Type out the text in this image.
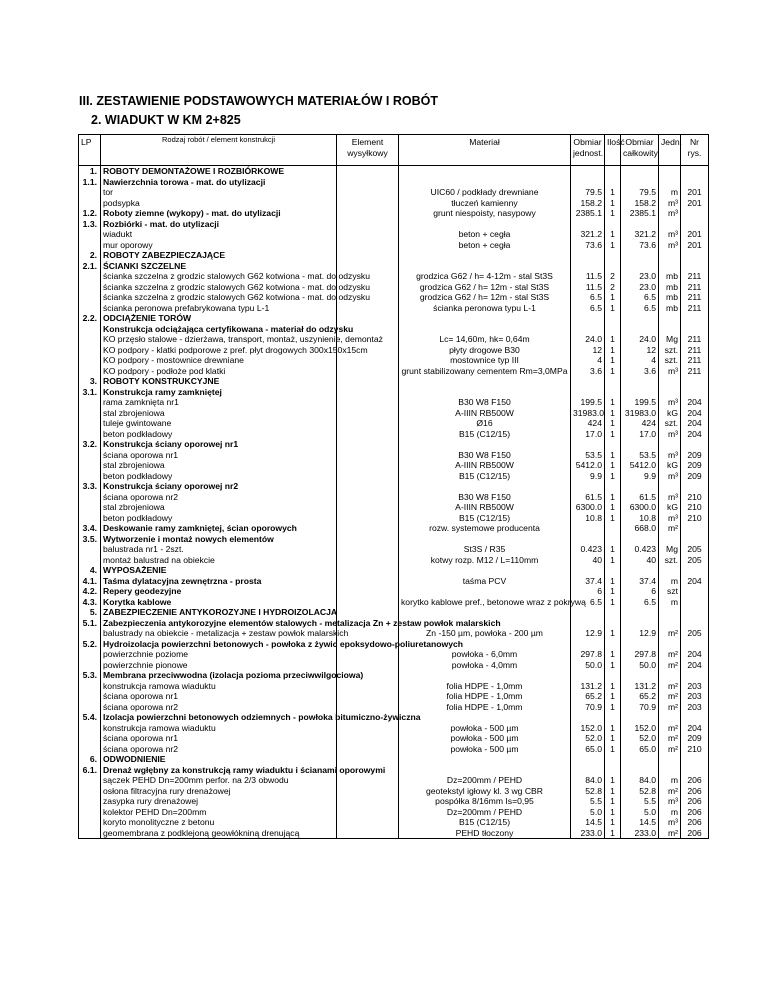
III. ZESTAWIENIE PODSTAWOWYCH MATERIAŁÓW I ROBÓT
2. WIADUKT W KM 2+825
LP	Rodzaj robót / element konstrukcji	Element wysyłkowy	Materiał	Obmiar jednost.	Ilość	Obmiar całkowity	Jedn.	Nr rys.
1.	ROBOTY DEMONTAŻOWE I ROZBIÓRKOWE							
1.1.	Nawierzchnia torowa - mat. do utylizacji							
	tor		UIC60 / podkłady drewniane	79.5	1	79.5	m	201
	podsypka		tłuczeń kamienny	158.2	1	158.2	m³	201
1.2.	Roboty ziemne (wykopy) - mat. do utylizacji		grunt niespoisty, nasypowy	2385.1	1	2385.1	m³	
1.3.	Rozbiórki - mat. do utylizacji							
	wiadukt		beton + cegła	321.2	1	321.2	m³	201
	mur oporowy		beton + cegła	73.6	1	73.6	m³	201
2.	ROBOTY ZABEZPIECZAJĄCE							
2.1.	ŚCIANKI SZCZELNE							
	ścianka szczelna z grodzic stalowych G62 kotwiona - mat. do odzysku		grodzica G62 / h= 4-12m - stal St3S	11.5	2	23.0	mb	211
	ścianka szczelna z grodzic stalowych G62 kotwiona - mat. do odzysku		grodzica G62 / h= 12m - stal St3S	11.5	2	23.0	mb	211
	ścianka szczelna z grodzic stalowych G62 kotwiona - mat. do odzysku		grodzica G62 / h= 12m - stal St3S	6.5	1	6.5	mb	211
	ścianka peronowa prefabrykowana typu L-1		ścianka peronowa typu L-1	6.5	1	6.5	mb	211
2.2.	ODCIĄŻENIE TORÓW							
	Konstrukcja odciążająca certyfikowana - materiał do odzysku							
	KO przęsło stalowe - dzierżawa, transport, montaż, uszynienie, demontaż		Lc= 14,60m, hk= 0,64m	24.0	1	24.0	Mg	211
	KO podpory - klatki podporowe z pref. płyt drogowych 300x150x15cm		płyty drogowe B30	12	1	12	szt.	211
	KO podpory - mostownice drewniane		mostownice typ III	4	1	4	szt.	211
	KO podpory - podłoże pod klatki		grunt stabilizowany cementem Rm=3,0MPa	3.6	1	3.6	m³	211
3.	ROBOTY KONSTRUKCYJNE							
3.1.	Konstrukcja ramy zamkniętej							
	rama zamknięta nr1		B30 W8 F150	199.5	1	199.5	m³	204
	stal zbrojeniowa		A-IIIN RB500W	31983.0	1	31983.0	kG	204
	tuleje gwintowane		Ø16	424	1	424	szt.	204
	beton podkładowy		B15 (C12/15)	17.0	1	17.0	m³	204
3.2.	Konstrukcja ściany oporowej nr1							
	ściana oporowa nr1		B30 W8 F150	53.5	1	53.5	m³	209
	stal zbrojeniowa		A-IIIN RB500W	5412.0	1	5412.0	kG	209
	beton podkładowy		B15 (C12/15)	9.9	1	9.9	m³	209
3.3.	Konstrukcja ściany oporowej nr2							
	ściana oporowa nr2		B30 W8 F150	61.5	1	61.5	m³	210
	stal zbrojeniowa		A-IIIN RB500W	6300.0	1	6300.0	kG	210
	beton podkładowy		B15 (C12/15)	10.8	1	10.8	m³	210
3.4.	Deskowanie ramy zamkniętej, ścian oporowych		rozw. systemowe producenta			668.0	m²	
3.5.	Wytworzenie i montaż nowych elementów							
	balustrada nr1 - 2szt.		St3S / R35	0.423	1	0.423	Mg	205
	montaż balustrad na obiekcie		kotwy rozp. M12 / L=110mm	40	1	40	szt.	205
4.	WYPOSAŻENIE							
4.1.	Taśma dylatacyjna zewnętrzna - prosta		taśma PCV	37.4	1	37.4	m	204
4.2.	Repery geodezyjne			6	1	6	szt	
4.3.	Korytka kablowe		korytko kablowe pref., betonowe wraz z pokrywą	6.5	1	6.5	m	
5.	ZABEZPIECZENIE ANTYKOROZYJNE I HYDROIZOLACJA							
5.1.	Zabezpieczenia antykorozyjne elementów stalowych - metalizacja Zn + zestaw powłok malarskich							
	balustrady na obiekcie - metalizacja + zestaw powłok malarskich		Zn -150 µm, powłoka - 200 µm	12.9	1	12.9	m²	205
5.2.	Hydroizolacja powierzchni betonowych - powłoka z żywic epoksydowo-poliuretanowych							
	powierzchnie poziome		powłoka - 6,0mm	297.8	1	297.8	m²	204
	powierzchnie pionowe		powłoka - 4,0mm	50.0	1	50.0	m²	204
5.3.	Membrana przeciwwodna (izolacja pozioma przeciwwilgociowa)							
	konstrukcja ramowa wiaduktu		folia HDPE - 1,0mm	131.2	1	131.2	m²	203
	ściana oporowa nr1		folia HDPE - 1,0mm	65.2	1	65.2	m²	203
	ściana oporowa nr2		folia HDPE - 1,0mm	70.9	1	70.9	m²	203
5.4.	Izolacja powierzchni betonowych odziemnych - powłoka bitumiczno-żywiczna							
	konstrukcja ramowa wiaduktu		powłoka - 500 µm	152.0	1	152.0	m²	204
	ściana oporowa nr1		powłoka - 500 µm	52.0	1	52.0	m²	209
	ściana oporowa nr2		powłoka - 500 µm	65.0	1	65.0	m²	210
6.	ODWODNIENIE							
6.1.	Drenaż wgłębny za konstrukcją ramy wiaduktu i ścianami oporowymi							
	sączek PEHD Dn=200mm perfor. na 2/3 obwodu		Dz=200mm / PEHD	84.0	1	84.0	m	206
	osłona filtracyjna rury drenażowej		geotekstyl igłowy kl. 3 wg CBR	52.8	1	52.8	m²	206
	zasypka rury drenażowej		pospółka 8/16mm Is=0,95	5.5	1	5.5	m³	206
	kolektor PEHD Dn=200mm		Dz=200mm / PEHD	5.0	1	5.0	m	206
	koryto monolityczne z betonu		B15 (C12/15)	14.5	1	14.5	m³	206
	geomembrana z podklejoną geowłókniną drenującą		PEHD tłoczony	233.0	1	233.0	m²	206
